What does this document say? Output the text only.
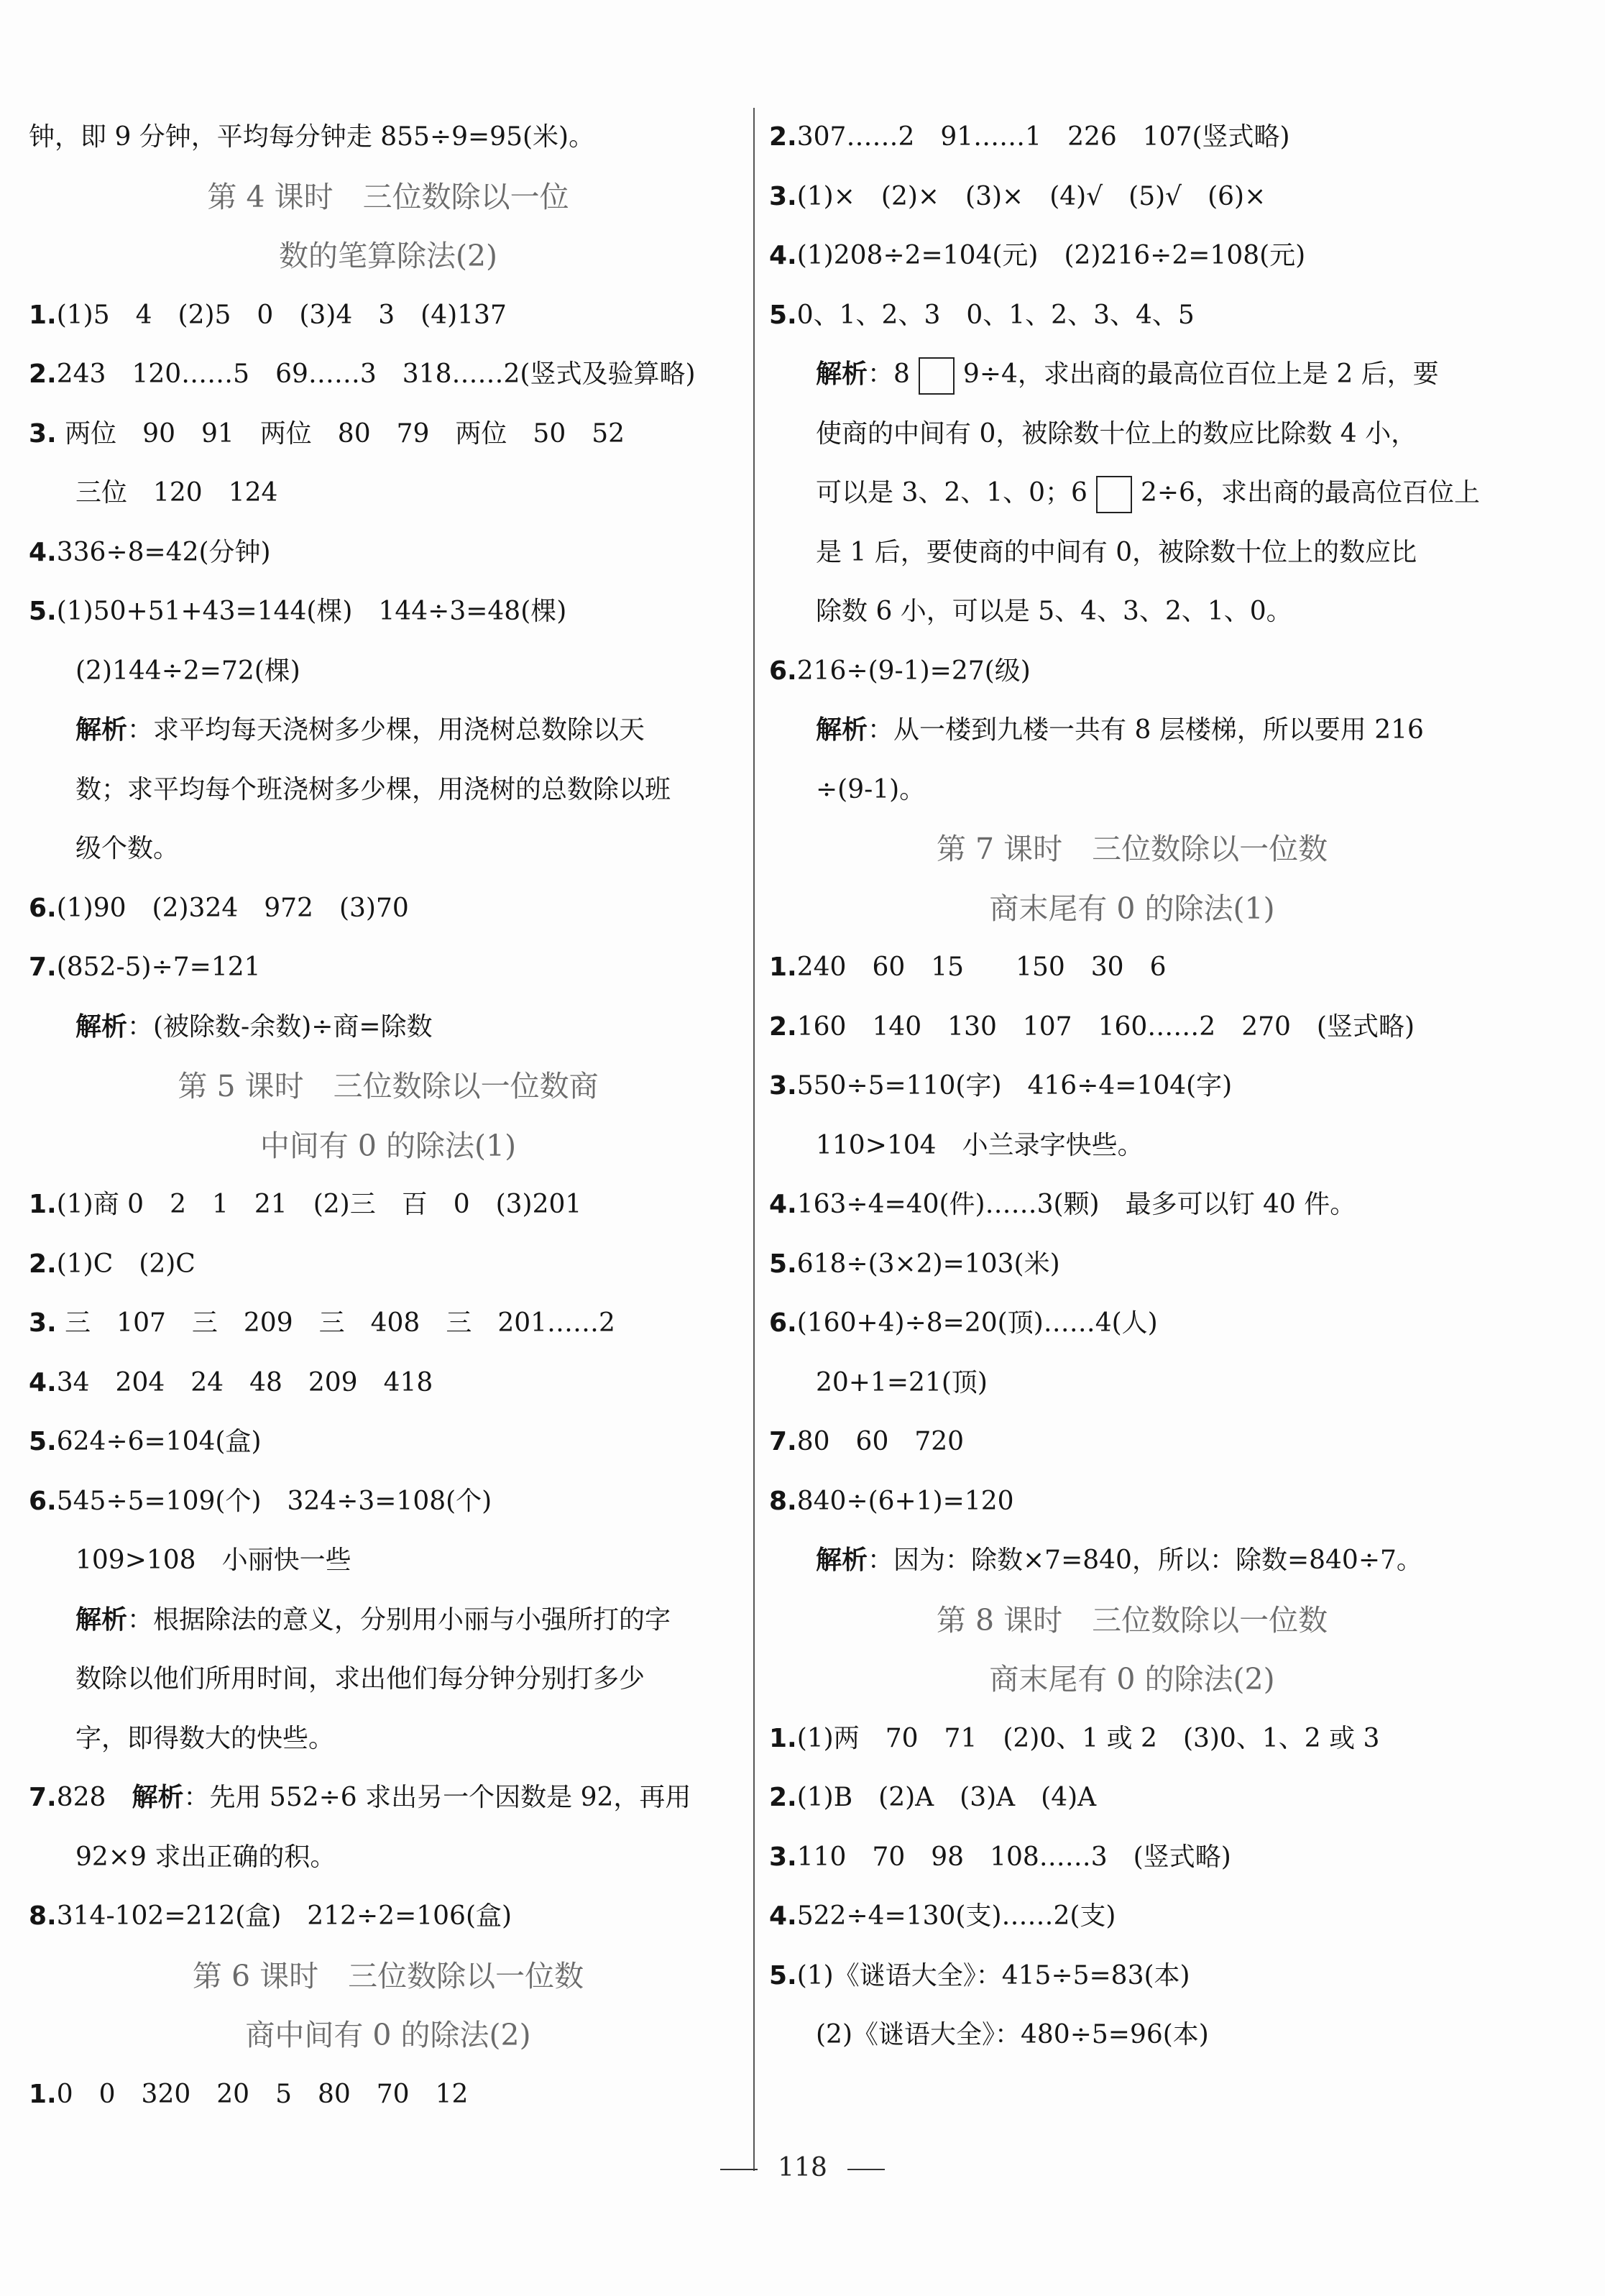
钟，即 9 分钟，平均每分钟走 855÷9=95(米)。
第 4 课时　三位数除以一位
数的笔算除法(2)
1.(1)5　4　(2)5　0　(3)4　3　(4)137
2.243　120……5　69……3　318……2(竖式及验算略)
3. 两位　90　91　两位　80　79　两位　50　52
三位　120　124
4.336÷8=42(分钟)
5.(1)50+51+43=144(棵)　144÷3=48(棵)
(2)144÷2=72(棵)
解析：求平均每天浇树多少棵，用浇树总数除以天
数；求平均每个班浇树多少棵，用浇树的总数除以班
级个数。
6.(1)90　(2)324　972　(3)70
7.(852-5)÷7=121
解析：(被除数-余数)÷商=除数
第 5 课时　三位数除以一位数商
中间有 0 的除法(1)
1.(1)商 0　2　1　21　(2)三　百　0　(3)201
2.(1)C　(2)C
3. 三　107　三　209　三　408　三　201……2
4.34　204　24　48　209　418
5.624÷6=104(盒)
6.545÷5=109(个)　324÷3=108(个)
109>108　小丽快一些
解析：根据除法的意义，分别用小丽与小强所打的字
数除以他们所用时间，求出他们每分钟分别打多少
字，即得数大的快些。
7.828　解析：先用 552÷6 求出另一个因数是 92，再用
92×9 求出正确的积。
8.314-102=212(盒)　212÷2=106(盒)
第 6 课时　三位数除以一位数
商中间有 0 的除法(2)
1.0　0　320　20　5　80　70　12
2.307……2　91……1　226　107(竖式略)
3.(1)×　(2)×　(3)×　(4)√　(5)√　(6)×
4.(1)208÷2=104(元)　(2)216÷2=108(元)
5.0、1、2、3　0、1、2、3、4、5
解析：8 9÷4，求出商的最高位百位上是 2 后，要
使商的中间有 0，被除数十位上的数应比除数 4 小，
可以是 3、2、1、0；6 2÷6，求出商的最高位百位上
是 1 后，要使商的中间有 0，被除数十位上的数应比
除数 6 小，可以是 5、4、3、2、1、0。
6.216÷(9-1)=27(级)
解析：从一楼到九楼一共有 8 层楼梯，所以要用 216
÷(9-1)。
第 7 课时　三位数除以一位数
商末尾有 0 的除法(1)
1.240　60　15　　150　30　6
2.160　140　130　107　160……2　270　(竖式略)
3.550÷5=110(字)　416÷4=104(字)
110>104　小兰录字快些。
4.163÷4=40(件)……3(颗)　最多可以钉 40 件。
5.618÷(3×2)=103(米)
6.(160+4)÷8=20(顶)……4(人)
20+1=21(顶)
7.80　60　720
8.840÷(6+1)=120
解析：因为：除数×7=840，所以：除数=840÷7。
第 8 课时　三位数除以一位数
商末尾有 0 的除法(2)
1.(1)两　70　71　(2)0、1 或 2　(3)0、1、2 或 3
2.(1)B　(2)A　(3)A　(4)A
3.110　70　98　108……3　(竖式略)
4.522÷4=130(支)……2(支)
5.(1)《谜语大全》：415÷5=83(本)
(2)《谜语大全》：480÷5=96(本)
118
